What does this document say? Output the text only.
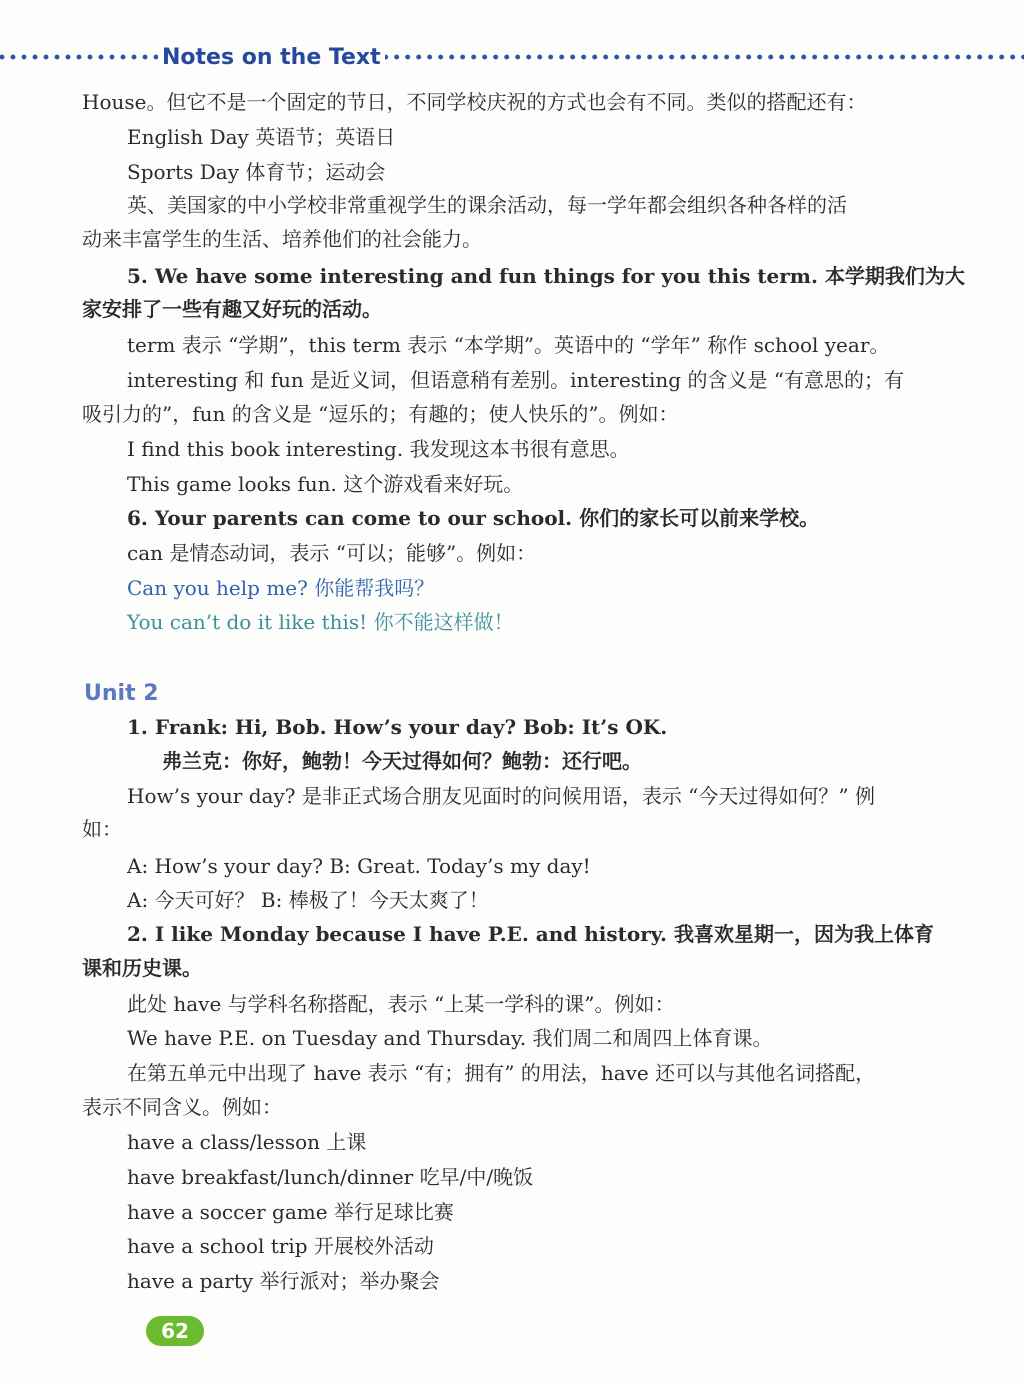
Notes on the Text
House。但它不是一个固定的节日，不同学校庆祝的方式也会有不同。类似的搭配还有：
English Day 英语节；英语日
Sports Day 体育节；运动会
英、美国家的中小学校非常重视学生的课余活动，每一学年都会组织各种各样的活
动来丰富学生的生活、培养他们的社会能力。
5. We have some interesting and fun things for you this term. 本学期我们为大
家安排了一些有趣又好玩的活动。
term 表示 “学期”，this term 表示 “本学期”。英语中的 “学年” 称作 school year。
interesting 和 fun 是近义词，但语意稍有差别。interesting 的含义是 “有意思的；有
吸引力的”，fun 的含义是 “逗乐的；有趣的；使人快乐的”。例如：
I find this book interesting. 我发现这本书很有意思。
This game looks fun. 这个游戏看来好玩。
6. Your parents can come to our school. 你们的家长可以前来学校。
can 是情态动词，表示 “可以；能够”。例如：
Can you help me? 你能帮我吗？
You can’t do it like this! 你不能这样做！
Unit 2
1. Frank: Hi, Bob. How’s your day? Bob: It’s OK.
弗兰克：你好，鲍勃！今天过得如何？鲍勃：还行吧。
How’s your day? 是非正式场合朋友见面时的问候用语，表示 “今天过得如何？” 例
如：
A: How’s your day? B: Great. Today’s my day!
A: 今天可好？ B: 棒极了！今天太爽了！
2. I like Monday because I have P.E. and history. 我喜欢星期一，因为我上体育
课和历史课。
此处 have 与学科名称搭配，表示 “上某一学科的课”。例如：
We have P.E. on Tuesday and Thursday. 我们周二和周四上体育课。
在第五单元中出现了 have 表示 “有；拥有” 的用法，have 还可以与其他名词搭配，
表示不同含义。例如：
have a class/lesson 上课
have breakfast/lunch/dinner 吃早/中/晚饭
have a soccer game 举行足球比赛
have a school trip 开展校外活动
have a party 举行派对；举办聚会
62
